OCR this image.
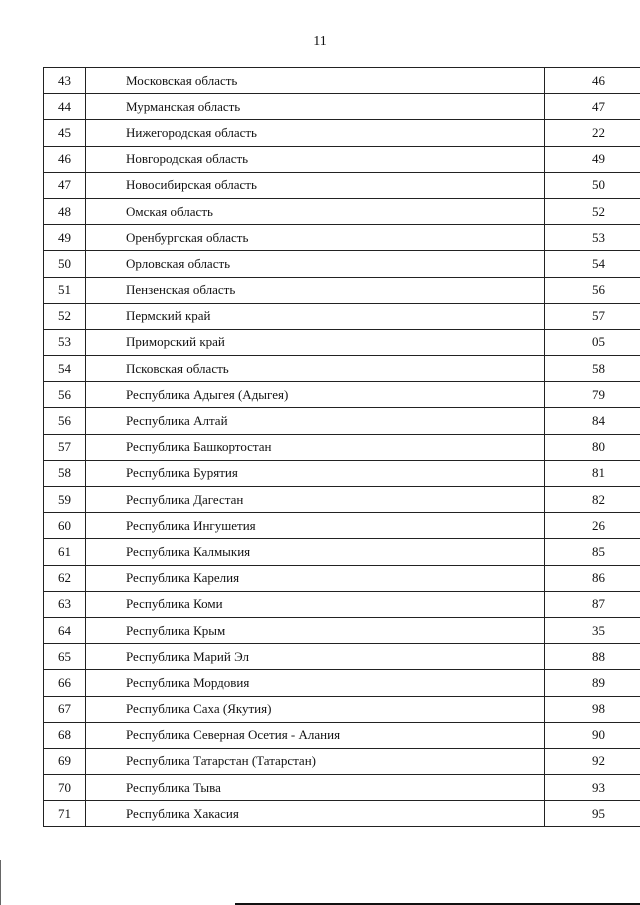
11
43	Московская область	46
44	Мурманская область	47
45	Нижегородская область	22
46	Новгородская область	49
47	Новосибирская область	50
48	Омская область	52
49	Оренбургская область	53
50	Орловская область	54
51	Пензенская область	56
52	Пермский край	57
53	Приморский край	05
54	Псковская область	58
56	Республика Адыгея (Адыгея)	79
56	Республика Алтай	84
57	Республика Башкортостан	80
58	Республика Бурятия	81
59	Республика Дагестан	82
60	Республика Ингушетия	26
61	Республика Калмыкия	85
62	Республика Карелия	86
63	Республика Коми	87
64	Республика Крым	35
65	Республика Марий Эл	88
66	Республика Мордовия	89
67	Республика Саха (Якутия)	98
68	Республика Северная Осетия - Алания	90
69	Республика Татарстан (Татарстан)	92
70	Республика Тыва	93
71	Республика Хакасия	95
